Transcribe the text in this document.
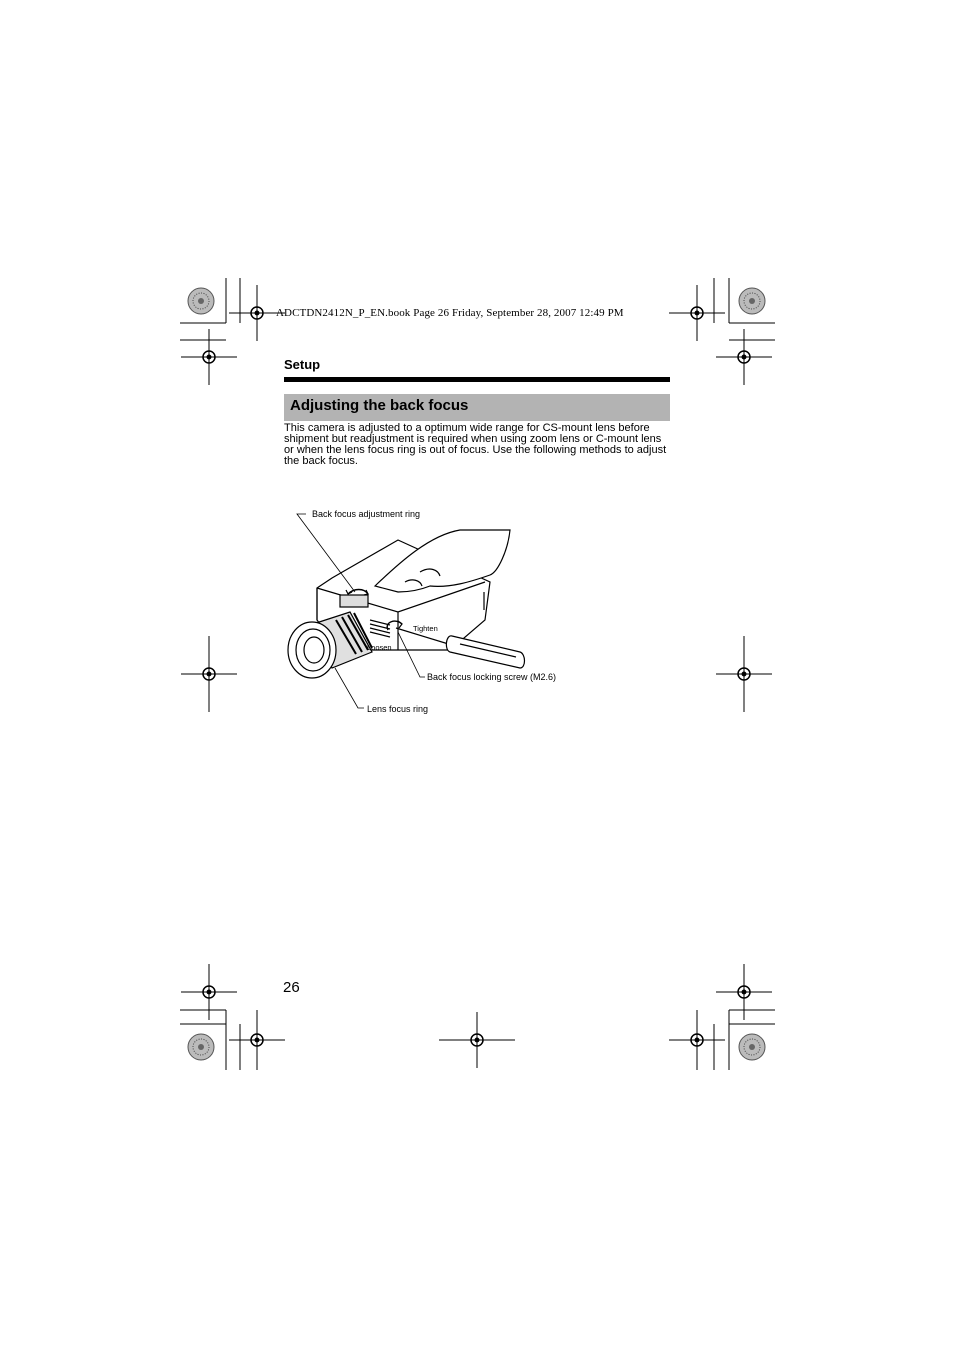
ADCTDN2412N_P_EN.book Page 26 Friday, September 28, 2007 12:49 PM
Setup
Adjusting the back focus
This camera is adjusted to a optimum wide range for CS-mount lens before shipment but readjustment is required when using zoom lens or C-mount lens or when the lens focus ring is out of focus. Use the following methods to adjust the back focus.
Back focus adjustment ring
Tighten
Loosen
Back focus locking screw (M2.6)
Lens focus ring
26
